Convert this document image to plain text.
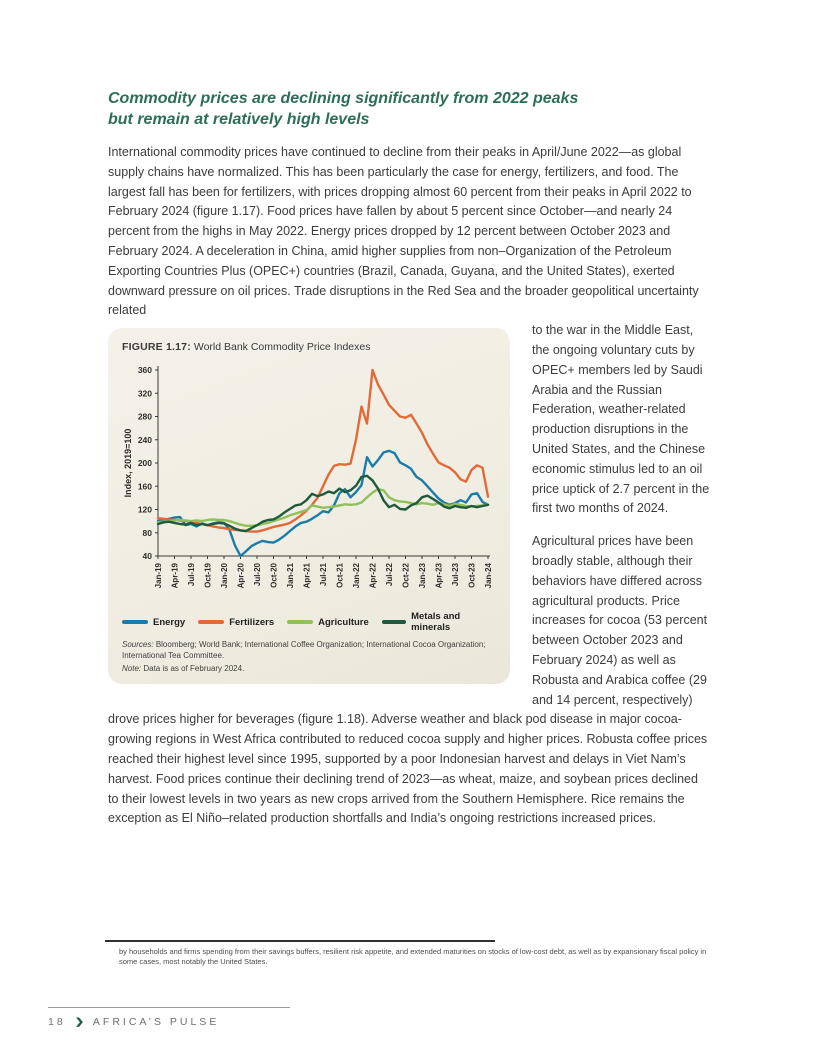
Commodity prices are declining significantly from 2022 peaks
but remain at relatively high levels

International commodity prices have continued to decline from their peaks in April/June 2022—as global supply chains have normalized. This has been particularly the case for energy, fertilizers, and food. The largest fall has been for fertilizers, with prices dropping almost 60 percent from their peaks in April 2022 to February 2024 (figure 1.17). Food prices have fallen by about 5 percent since October—and nearly 24 percent from the highs in May 2022. Energy prices dropped by 12 percent between October 2023 and February 2024. A deceleration in China, amid higher supplies from non–Organization of the Petroleum Exporting Countries Plus (OPEC+) countries (Brazil, Canada, Guyana, and the United States), exerted downward pressure on oil prices. Trade disruptions in the Red Sea and the broader geopolitical uncertainty related

FIGURE 1.17: World Bank Commodity Price Indexes
40
80
120
160
200
240
280
320
360
Index, 2019=100
Jan-19 Apr-19 Jul-19 Oct-19 Jan-20 Apr-20 Jul-20 Oct-20 Jan-21 Apr-21 Jul-21 Oct-21 Jan-22 Apr-22 Jul-22 Oct-22 Jan-23 Apr-23 Jul-23 Oct-23 Jan-24
Energy	Fertilizers	Agriculture	Metals and minerals

Sources: Bloomberg; World Bank; International Coffee Organization; International Cocoa Organization; International Tea Committee.

Note: Data is as of February 2024.

to the war in the Middle East, the ongoing voluntary cuts by OPEC+ members led by Saudi Arabia and the Russian Federation, weather-related production disruptions in the United States, and the Chinese economic stimulus led to an oil price uptick of 2.7 percent in the first two months of 2024.

Agricultural prices have been broadly stable, although their behaviors have differed across agricultural products. Price increases for cocoa (53 percent between October 2023 and February 2024) as well as Robusta and Arabica coffee (29 and 14 percent, respectively) drove prices higher for beverages (figure 1.18). Adverse weather and black pod disease in major cocoa-growing regions in West Africa contributed to reduced cocoa supply and higher prices. Robusta coffee prices reached their highest level since 1995, supported by a poor Indonesian harvest and delays in Viet Nam’s harvest. Food prices continue their declining trend of 2023—as wheat, maize, and soybean prices declined to their lowest levels in two years as new crops arrived from the Southern Hemisphere. Rice remains the exception as El Niño–related production shortfalls and India’s ongoing restrictions increased prices.

by households and firms spending from their savings buffers, resilient risk appetite, and extended maturities on stocks of low-cost debt, as well as by expansionary fiscal policy in some cases, most notably the United States.

18 ❯ AFRICA’S PULSE
